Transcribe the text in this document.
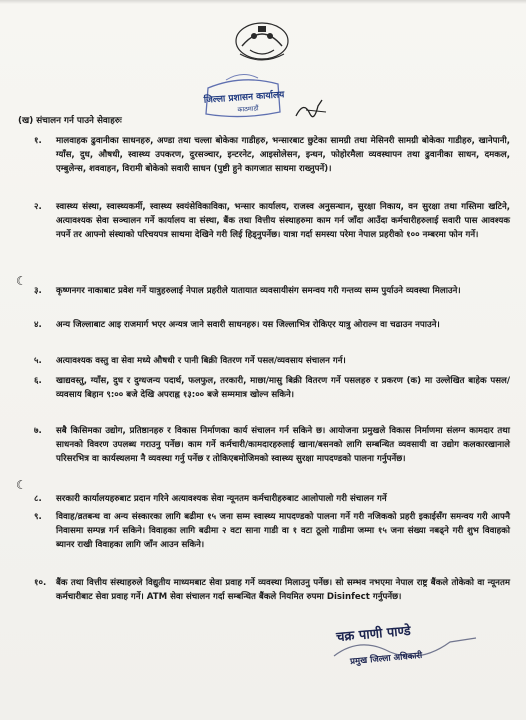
जिल्ला प्रशासन कार्यालय
काठमाडौं
(ख) संचालन गर्न पाउने सेवाहरुः
१.	मालवाहक ढुवानीका साधनहरु, अण्डा तथा चल्ला बोकेका गाडीहरु, भन्सारबाट छुटेका सामग्री तथा मेसिनरी सामग्री बोकेका गाडीहरु, खानेपानी, ग्याँस, दुध, औषधी, स्वास्थ्य उपकरण, दुरसञ्चार, इन्टरनेट, आइसोलेसन, इन्धन, फोहोरमैला व्यवस्थापन तथा ढुवानीका साधन, दमकल, एम्बुलेन्स, शववाहन, विरामी बोकेको सवारी साधन (पुष्टी हुने कागजात साथमा राख्नुपर्ने)।
२.	स्वास्थ्य संस्था, स्वास्थ्यकर्मी, स्वास्थ्य स्वयंसेविकाविका, भन्सार कार्यालय, राजस्व अनुसन्धान, सुरक्षा निकाय, वन सुरक्षा तथा गस्तिमा खटिने, अत्यावश्यक सेवा सञ्चालन गर्ने कार्यालय वा संस्था, बैंक तथा वित्तीय संस्थाहरुमा काम गर्न जाँदा आउँदा कर्मचारीहरुलाई सवारी पास आवश्यक नपर्ने तर आफ्नो संस्थाको परिचयपत्र साथमा देखिने गरी लिई हिड्नुपर्नेछ। यात्रा गर्दा समस्या परेमा नेपाल प्रहरीको १०० नम्बरमा फोन गर्ने।
३.	कृष्णनगर नाकाबाट प्रवेश गर्ने यात्रुहरुलाई नेपाल प्रहरीले यातायात व्यवसायीसंग समन्वय गरी गन्तव्य सम्म पुर्याउने व्यवस्था मिलाउने।
४.	अन्य जिल्लाबाट आइ राजमार्ग भएर अन्यत्र जाने सवारी साधनहरु। यस जिल्लाभित्र रोकिएर यात्रु ओराल्न वा चढाउन नपाउने।
५.	अत्यावश्यक वस्तु वा सेवा मध्ये औषधी र पानी बिक्री वितरण गर्ने पसल/व्यवसाय संचालन गर्न।
६.	खाद्यवस्तु, ग्याँस, दुध र दुग्धजन्य पदार्थ, फलफुल, तरकारी, माछा/मासु बिक्री वितरण गर्ने पसलहरु र प्रकरण (क) मा उल्लेखित बाहेक पसल/व्यवसाय बिहान ९:०० बजे देखि अपराह्न १३:०० बजे सम्ममात्र खोल्न सकिने।
७.	सबै किसिमका उद्योग, प्रतिष्ठानहरु र विकास निर्माणका कार्य संचालन गर्न सकिने छ। आयोजना प्रमुखले विकास निर्माणमा संलग्न कामदार तथा साधनको विवरण उपलब्ध गराउनु पर्नेछ। काम गर्ने कर्मचारी/कामदारहरुलाई खाना/बसनको लागि सम्बन्धित व्यवसायी वा उद्योग कलकारखानाले परिसरभित्र वा कार्यस्थलमा नै व्यवस्था गर्नु पर्नेछ र तोकिएबमोजिमको स्वास्थ्य सुरक्षा मापदण्डको पालना गर्नुपर्नेछ।
८.	सरकारी कार्यालयहरुबाट प्रदान गरिने अत्यावश्यक सेवा न्यूनतम कर्मचारीहरुबाट आलोपालो गरी संचालन गर्ने
९.	विवाह/व्रतबन्ध वा अन्य संस्कारका लागि बढीमा १५ जना सम्म स्वास्थ्य मापदण्डको पालना गर्ने गरी नजिकको प्रहरी इकाईसँग समन्वय गरी आफ्नै निवासमा सम्पन्न गर्न सकिने। विवाहका लागि बढीमा २ वटा साना गाडी वा १ वटा ठूलो गाडीमा जम्मा १५ जना संख्या नबढ्ने गरी शुभ विवाहको ब्यानर राखी विवाहका लागि जाँन आउन सकिने।
१०.	बैंक तथा वित्तीय संस्थाहरुले विद्युतीय माध्यमबाट सेवा प्रवाह गर्ने व्यवस्था मिलाउनु पर्नेछ। सो सम्भव नभएमा नेपाल राष्ट्र बैंकले तोकेको वा न्यूनतम कर्मचारीबाट सेवा प्रवाह गर्ने। ATM सेवा संचालन गर्दा सम्बन्धित बैंकले नियमित रुपमा Disinfect गर्नुपर्नेछ।
☾
☾
चक्र पाणी पाण्डे
प्रमुख जिल्ला अधिकारी
